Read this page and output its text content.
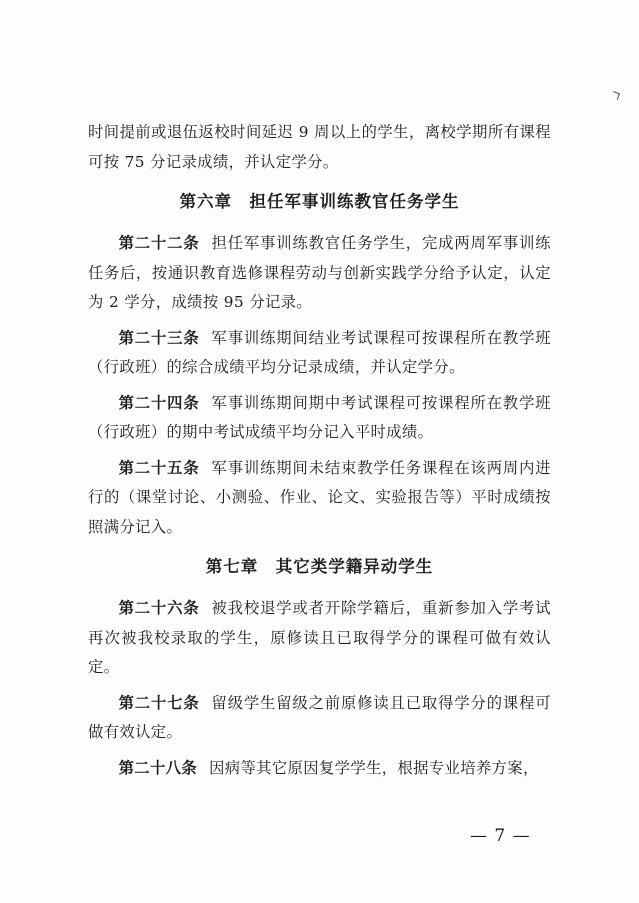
时间提前或退伍返校时间延迟 9 周以上的学生，离校学期所有课程可按 75 分记录成绩，并认定学分。

第六章　担任军事训练教官任务学生

第二十二条 担任军事训练教官任务学生，完成两周军事训练任务后，按通识教育选修课程劳动与创新实践学分给予认定，认定为 2 学分，成绩按 95 分记录。

第二十三条 军事训练期间结业考试课程可按课程所在教学班（行政班）的综合成绩平均分记录成绩，并认定学分。

第二十四条 军事训练期间期中考试课程可按课程所在教学班（行政班）的期中考试成绩平均分记入平时成绩。

第二十五条 军事训练期间未结束教学任务课程在该两周内进行的（课堂讨论、小测验、作业、论文、实验报告等）平时成绩按照满分记入。

第七章　其它类学籍异动学生

第二十六条 被我校退学或者开除学籍后，重新参加入学考试再次被我校录取的学生，原修读且已取得学分的课程可做有效认定。

第二十七条 留级学生留级之前原修读且已取得学分的课程可做有效认定。

第二十八条 因病等其它原因复学学生，根据专业培养方案，

— 7 —
